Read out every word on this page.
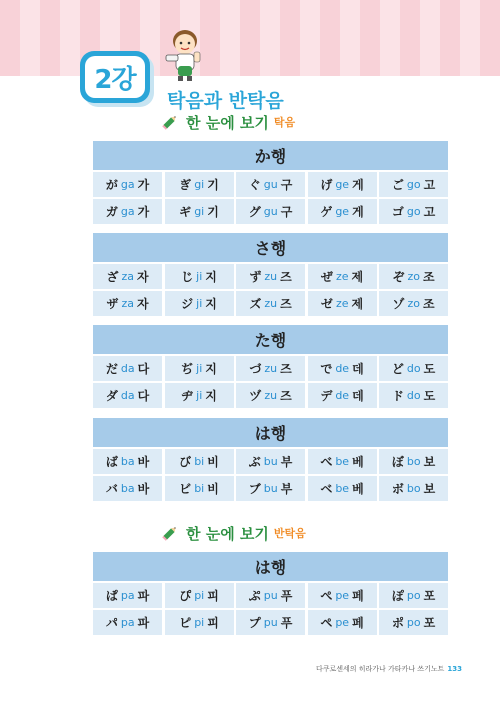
2강
탁음과 반탁음
한 눈에 보기 탁음
か행
が ga 가	ぎ gi 기 ぐ gu 구 げ ge 게 ご go 고
ガ ga 가	ギ gi 기 グ gu 구 ゲ ge 게 ゴ go 고
さ행
ざ za 자	じ ji 지	ず zu 즈 ぜ ze 제 ぞ zo 조
ザ za 자	ジ ji 지	ズ zu 즈 ゼ ze 제 ゾ zo 조
た행
だ da 다	ぢ ji 지	づ zu 즈 で de 데 ど do 도
ダ da 다	ヂ ji 지	ヅ zu 즈 デ de 데 ド do 도
は행
ば ba 바	び bi 비 ぶ bu 부 べ be 베 ぼ bo 보
バ ba 바	ビ bi 비 ブ bu 부 ベ be 베 ボ bo 보
한 눈에 보기 반탁음
は행
ぱ pa 파	ぴ pi 피 ぷ pu 푸 ぺ pe 페 ぽ po 포
パ pa 파	ピ pi 피 プ pu 푸 ペ pe 페 ポ po 포
다쿠로센세의 히라가나 가타카나 쓰기노트 133
